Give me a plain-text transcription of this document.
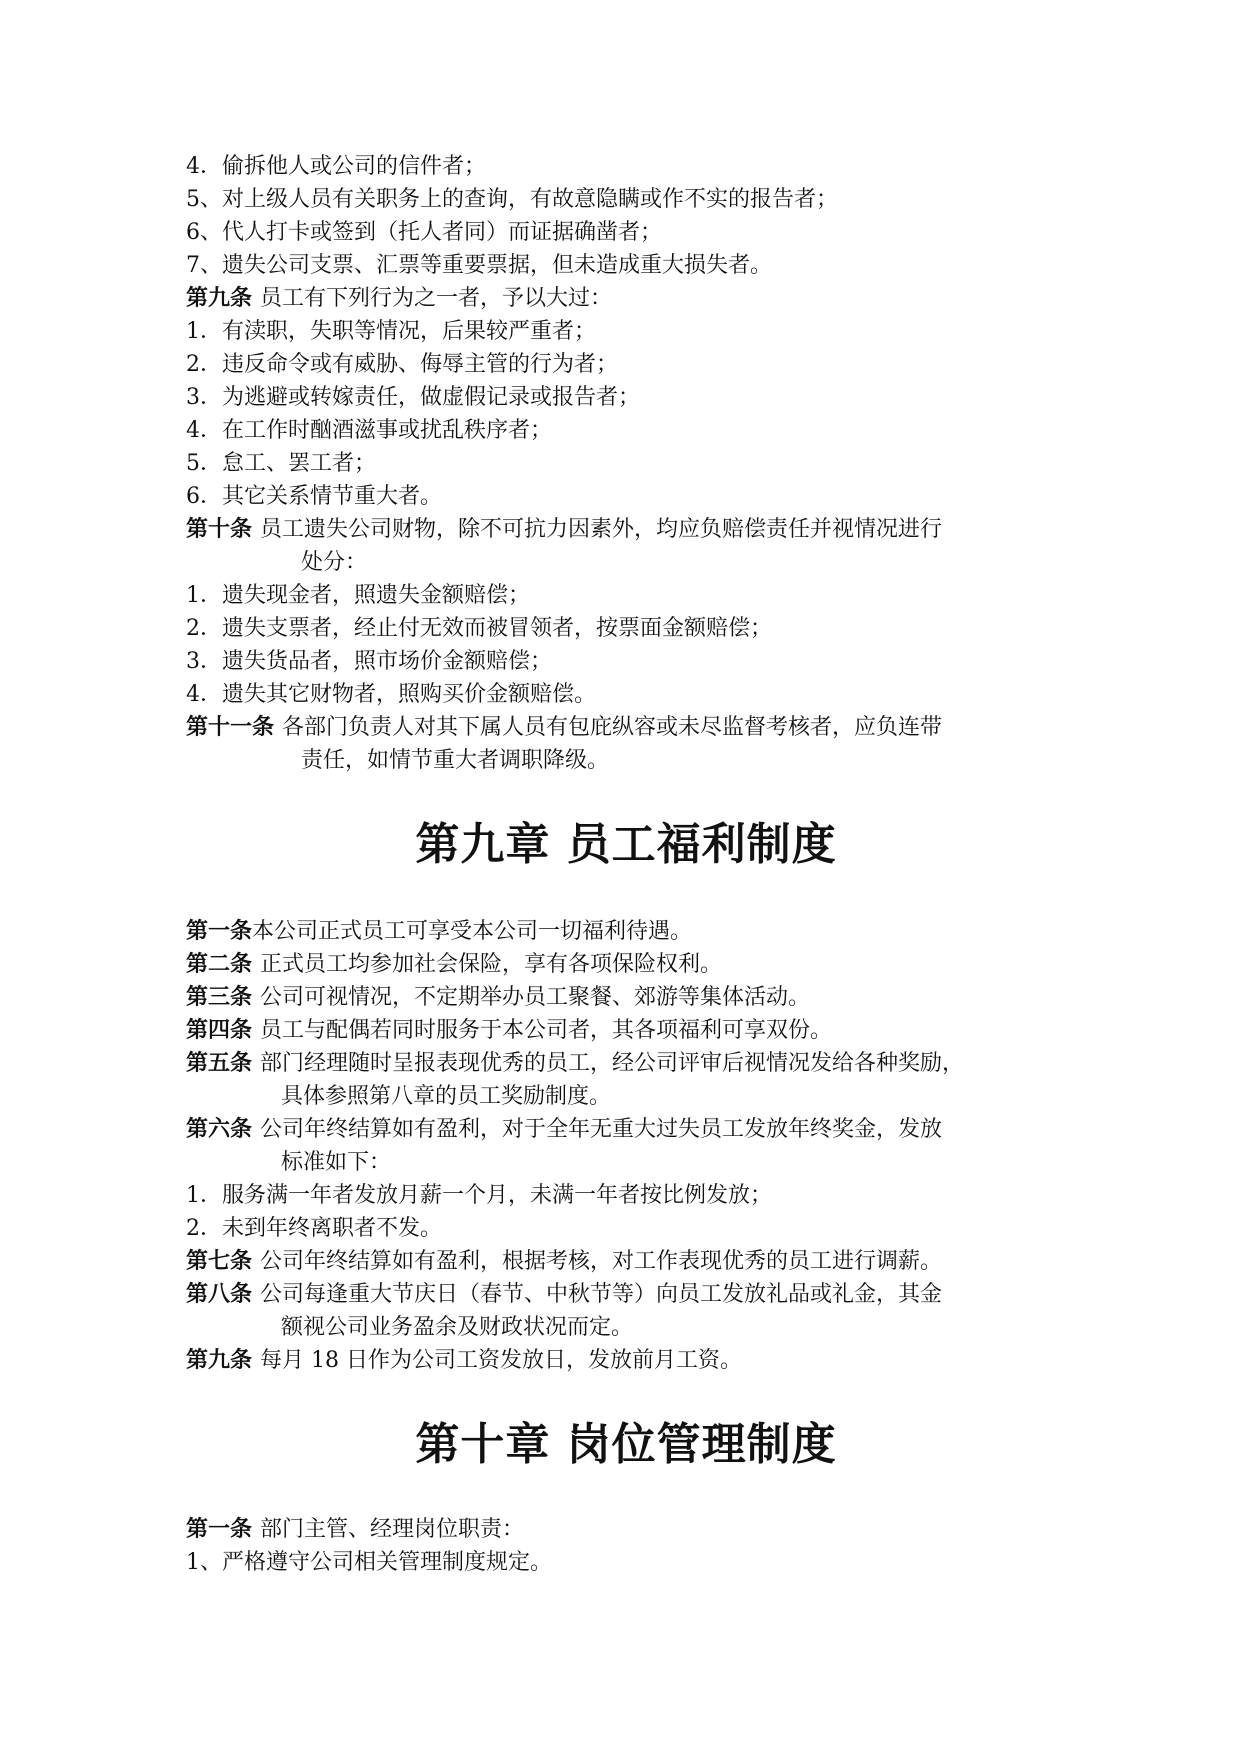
4．偷拆他人或公司的信件者；
5、对上级人员有关职务上的查询，有故意隐瞒或作不实的报告者；
6、代人打卡或签到（托人者同）而证据确凿者；
7、遗失公司支票、汇票等重要票据，但未造成重大损失者。
第九条 员工有下列行为之一者，予以大过：
1．有渎职，失职等情况，后果较严重者；
2．违反命令或有威胁、侮辱主管的行为者；
3．为逃避或转嫁责任，做虚假记录或报告者；
4．在工作时酗酒滋事或扰乱秩序者；
5．怠工、罢工者；
6．其它关系情节重大者。
第十条 员工遗失公司财物，除不可抗力因素外，均应负赔偿责任并视情况进行
处分：
1．遗失现金者，照遗失金额赔偿；
2．遗失支票者，经止付无效而被冒领者，按票面金额赔偿；
3．遗失货品者，照市场价金额赔偿；
4．遗失其它财物者，照购买价金额赔偿。
第十一条 各部门负责人对其下属人员有包庇纵容或未尽监督考核者，应负连带
责任，如情节重大者调职降级。
第九章 员工福利制度
第一条本公司正式员工可享受本公司一切福利待遇。
第二条 正式员工均参加社会保险，享有各项保险权利。
第三条 公司可视情况，不定期举办员工聚餐、郊游等集体活动。
第四条 员工与配偶若同时服务于本公司者，其各项福利可享双份。
第五条 部门经理随时呈报表现优秀的员工，经公司评审后视情况发给各种奖励，
具体参照第八章的员工奖励制度。
第六条 公司年终结算如有盈利，对于全年无重大过失员工发放年终奖金，发放
标准如下：
1．服务满一年者发放月薪一个月，未满一年者按比例发放；
2．未到年终离职者不发。
第七条 公司年终结算如有盈利，根据考核，对工作表现优秀的员工进行调薪。
第八条 公司每逢重大节庆日（春节、中秋节等）向员工发放礼品或礼金，其金
额视公司业务盈余及财政状况而定。
第九条 每月 18 日作为公司工资发放日，发放前月工资。
第十章 岗位管理制度
第一条 部门主管、经理岗位职责：
1、严格遵守公司相关管理制度规定。
